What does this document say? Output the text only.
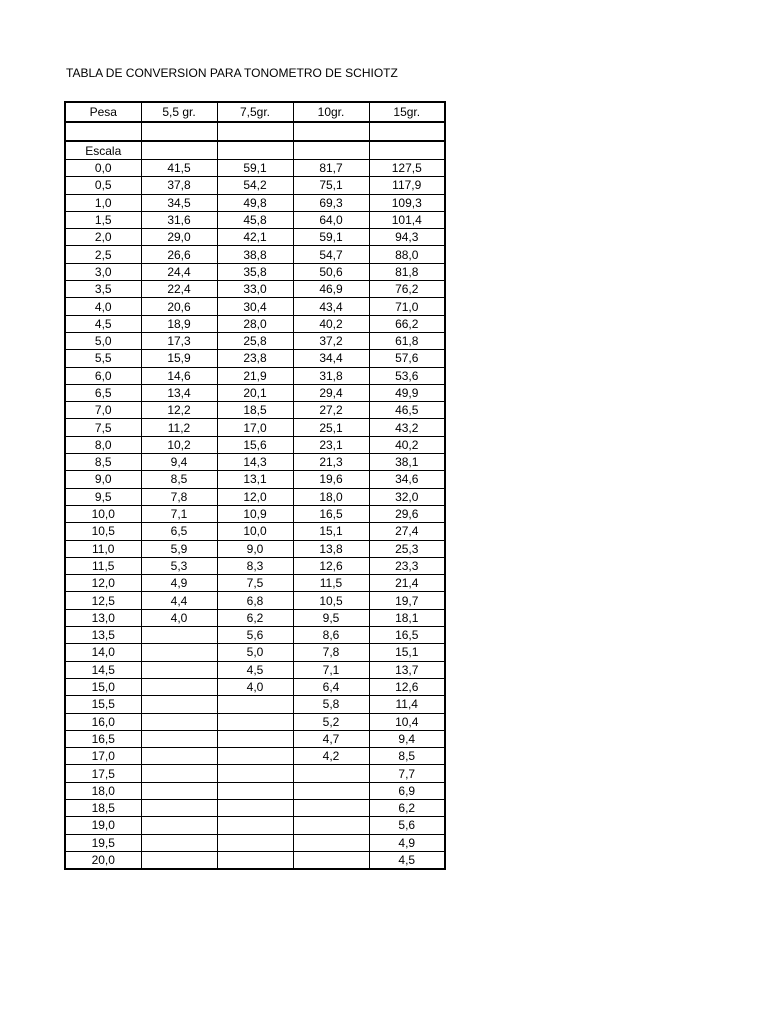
TABLA DE CONVERSION PARA TONOMETRO DE SCHIOTZ
Pesa	5,5 gr.	7,5gr.	10gr.	15gr.

Escala				
0,0	41,5	59,1	81,7	127,5
0,5	37,8	54,2	75,1	117,9
1,0	34,5	49,8	69,3	109,3
1,5	31,6	45,8	64,0	101,4
2,0	29,0	42,1	59,1	94,3
2,5	26,6	38,8	54,7	88,0
3,0	24,4	35,8	50,6	81,8
3,5	22,4	33,0	46,9	76,2
4,0	20,6	30,4	43,4	71,0
4,5	18,9	28,0	40,2	66,2
5,0	17,3	25,8	37,2	61,8
5,5	15,9	23,8	34,4	57,6
6,0	14,6	21,9	31,8	53,6
6,5	13,4	20,1	29,4	49,9
7,0	12,2	18,5	27,2	46,5
7,5	11,2	17,0	25,1	43,2
8,0	10,2	15,6	23,1	40,2
8,5	9,4	14,3	21,3	38,1
9,0	8,5	13,1	19,6	34,6
9,5	7,8	12,0	18,0	32,0
10,0	7,1	10,9	16,5	29,6
10,5	6,5	10,0	15,1	27,4
11,0	5,9	9,0	13,8	25,3
11,5	5,3	8,3	12,6	23,3
12,0	4,9	7,5	11,5	21,4
12,5	4,4	6,8	10,5	19,7
13,0	4,0	6,2	9,5	18,1
13,5		5,6	8,6	16,5
14,0		5,0	7,8	15,1
14,5		4,5	7,1	13,7
15,0		4,0	6,4	12,6
15,5			5,8	11,4
16,0			5,2	10,4
16,5			4,7	9,4
17,0			4,2	8,5
17,5				7,7
18,0				6,9
18,5				6,2
19,0				5,6
19,5				4,9
20,0				4,5
